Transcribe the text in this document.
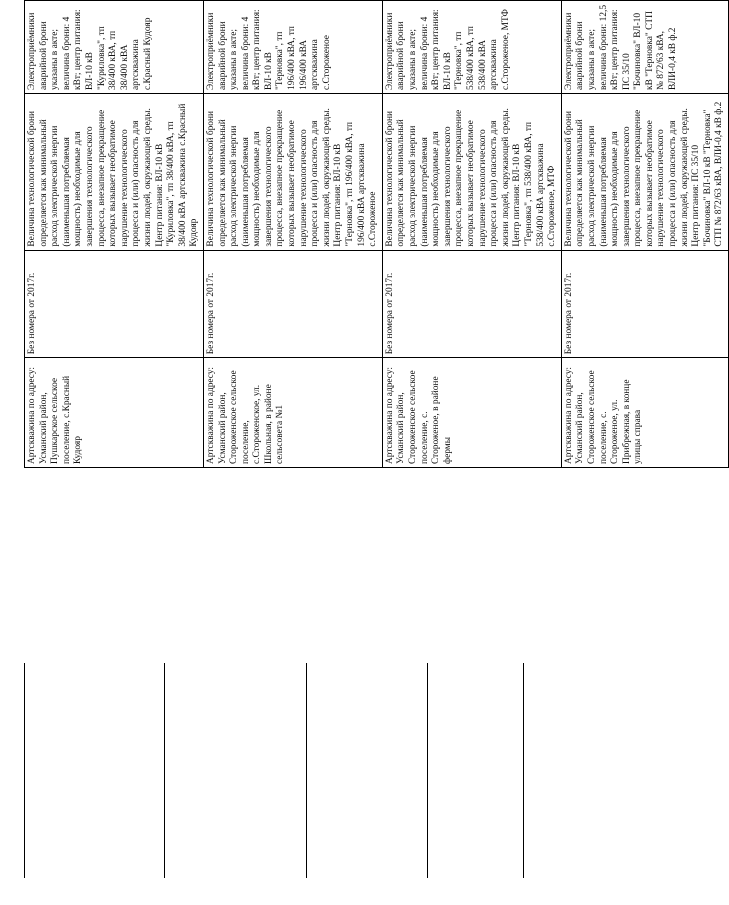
Артскважина по адресу: Усманский район, Пушкарское сельское поселение, с.Красный Кудояр	Без номера от 2017г.	Величина технологической брони определяется как минимальный расход электрической энергии (наименьшая потребляемая мощность) необходимые для завершения технологического процесса, внезапное прекращение которых вызывает необратимое нарушение технологического процесса и (или) опасность для жизни людей, окружающей среды. Центр питания: ВЛ-10 кВ "Куриловка", тп 38/400 кВА, тп 38/400 кВА артскважина с.Красный Кудояр	Электроприёмники аварийной брони указаны в акте; величина брони: 4 кВт; центр питания: ВЛ-10 кВ "Куриловка", тп 38/400 кВА, тп 38/400 кВА артскважина с.Красный Кудояр
Артскважина по адресу: Усманский район, Стороженское сельское поселение, с.Стороженское, ул. Школьная, в районе сельсовета №1	Без номера от 2017г.	Величина технологической брони определяется как минимальный расход электрической энергии (наименьшая потребляемая мощность) необходимые для завершения технологического процесса, внезапное прекращение которых вызывает необратимое нарушение технологического процесса и (или) опасность для жизни людей, окружающей среды. Центр питания: ВЛ-10 кВ "Терновка", тп 196/400 кВА, тп 196/400 кВА артскважина с.Стороженое	Электроприёмники аварийной брони указаны в акте; величина брони: 4 кВт; центр питания: ВЛ-10 кВ "Терновка", тп 196/400 кВА, тп 196/400 кВА артскважина с.Стороженое
Артскважина по адресу: Усманский район, Стороженское сельское поселение, с. Стороженое, в районе фермы	Без номера от 2017г.	Величина технологической брони определяется как минимальный расход электрической энергии (наименьшая потребляемая мощность) необходимые для завершения технологического процесса, внезапное прекращение которых вызывает необратимое нарушение технологического процесса и (или) опасность для жизни людей, окружающей среды. Центр питания: ВЛ-10 кВ "Терновка", тп 538/400 кВА, тп 538/400 кВА артскважина с.Стороженое, МТФ	Электроприёмники аварийной брони указаны в акте; величина брони: 4 кВт; центр питания: ВЛ-10 кВ "Терновка", тп 538/400 кВА, тп 538/400 кВА артскважина с.Стороженое, МТФ
Артскважина по адресу: Усманский район, Стороженское сельское поселение, с. Стороженое, ул. Прибрежная, в конце улицы справа	Без номера от 2017г.	Величина технологической брони определяется как минимальный расход электрической энергии (наименьшая потребляемая мощность) необходимые для завершения технологического процесса, внезапное прекращение которых вызывает необратимое нарушение технологического процесса и (или) опасность для жизни людей, окружающей среды. Центр питания: ПС 35/10 "Бочиновка" ВЛ-10 кВ "Терновка" СТП № 872/63 кВА, ВЛИ-0,4 кВ ф.2	Электроприёмники аварийной брони указаны в акте; величина брони: 12,5 кВт; центр питания: ПС 35/10 "Бочиновка" ВЛ-10 кВ "Терновка" СТП № 872/63 кВА, ВЛИ-0,4 кВ ф.2
